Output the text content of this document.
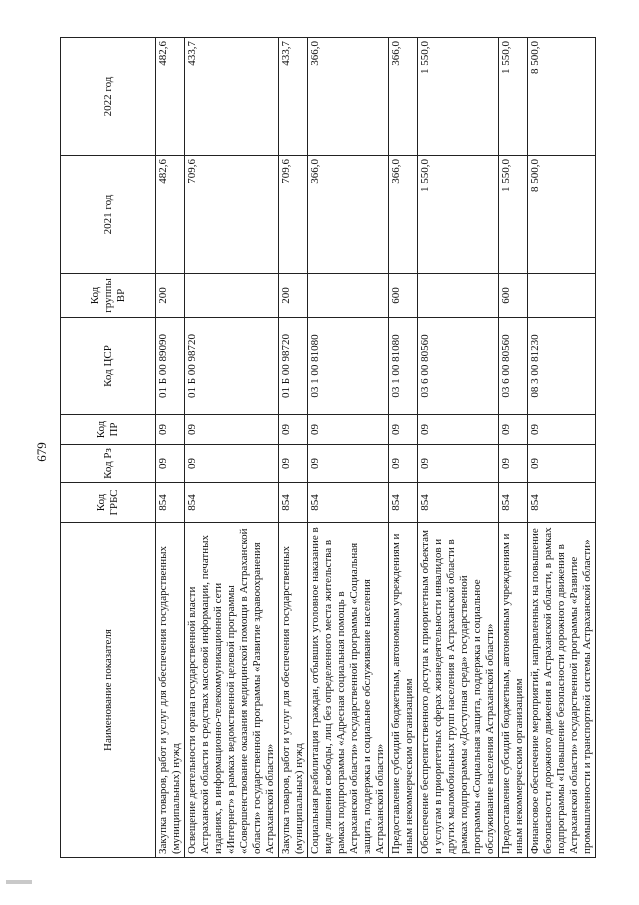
679
Наименование показателя	Код ГРБС	Код Рз	Код ПР	Код ЦСР	Код группы ВР	2021 год	2022 год
Закупка товаров, работ и услуг для обеспечения государственных (муниципальных) нужд	854	09	09	01 Б 00 89090	200	482,6	482,6
Освещение деятельности органа государственной власти Астраханской области в средствах массовой информации, печатных изданиях, в информационно-телекоммуникационной сети «Интернет» в рамках ведомственной целевой программы «Совершенствование оказания медицинской помощи в Астраханской области» государственной программы «Развитие здравоохранения Астраханской области»	854	09	09	01 Б 00 98720		709,6	433,7
Закупка товаров, работ и услуг для обеспечения государственных (муниципальных) нужд	854	09	09	01 Б 00 98720	200	709,6	433,7
Социальная реабилитация граждан, отбывших уголовное наказание в виде лишения свободы, лиц без определенного места жительства в рамках подпрограммы «Адресная социальная помощь в Астраханской области» государственной программы «Социальная защита, поддержка и социальное обслуживание населения Астраханской области»	854	09	09	03 1 00 81080		366,0	366,0
Предоставление субсидий бюджетным, автономным учреждениям и иным некоммерческим организациям	854	09	09	03 1 00 81080	600	366,0	366,0
Обеспечение беспрепятственного доступа к приоритетным объектам и услугам в приоритетных сферах жизнедеятельности инвалидов и других маломобильных групп населения в Астраханской области в рамках подпрограммы «Доступная среда» государственной программы «Социальная защита, поддержка и социальное обслуживание населения Астраханской области»	854	09	09	03 6 00 80560		1 550,0	1 550,0
Предоставление субсидий бюджетным, автономным учреждениям и иным некоммерческим организациям	854	09	09	03 6 00 80560	600	1 550,0	1 550,0
Финансовое обеспечение мероприятий, направленных на повышение безопасности дорожного движения в Астраханской области, в рамках подпрограммы «Повышение безопасности дорожного движения в Астраханской области» государственной программы «Развитие промышленности и транспортной системы Астраханской области»	854	09	09	08 3 00 81230		8 500,0	8 500,0
